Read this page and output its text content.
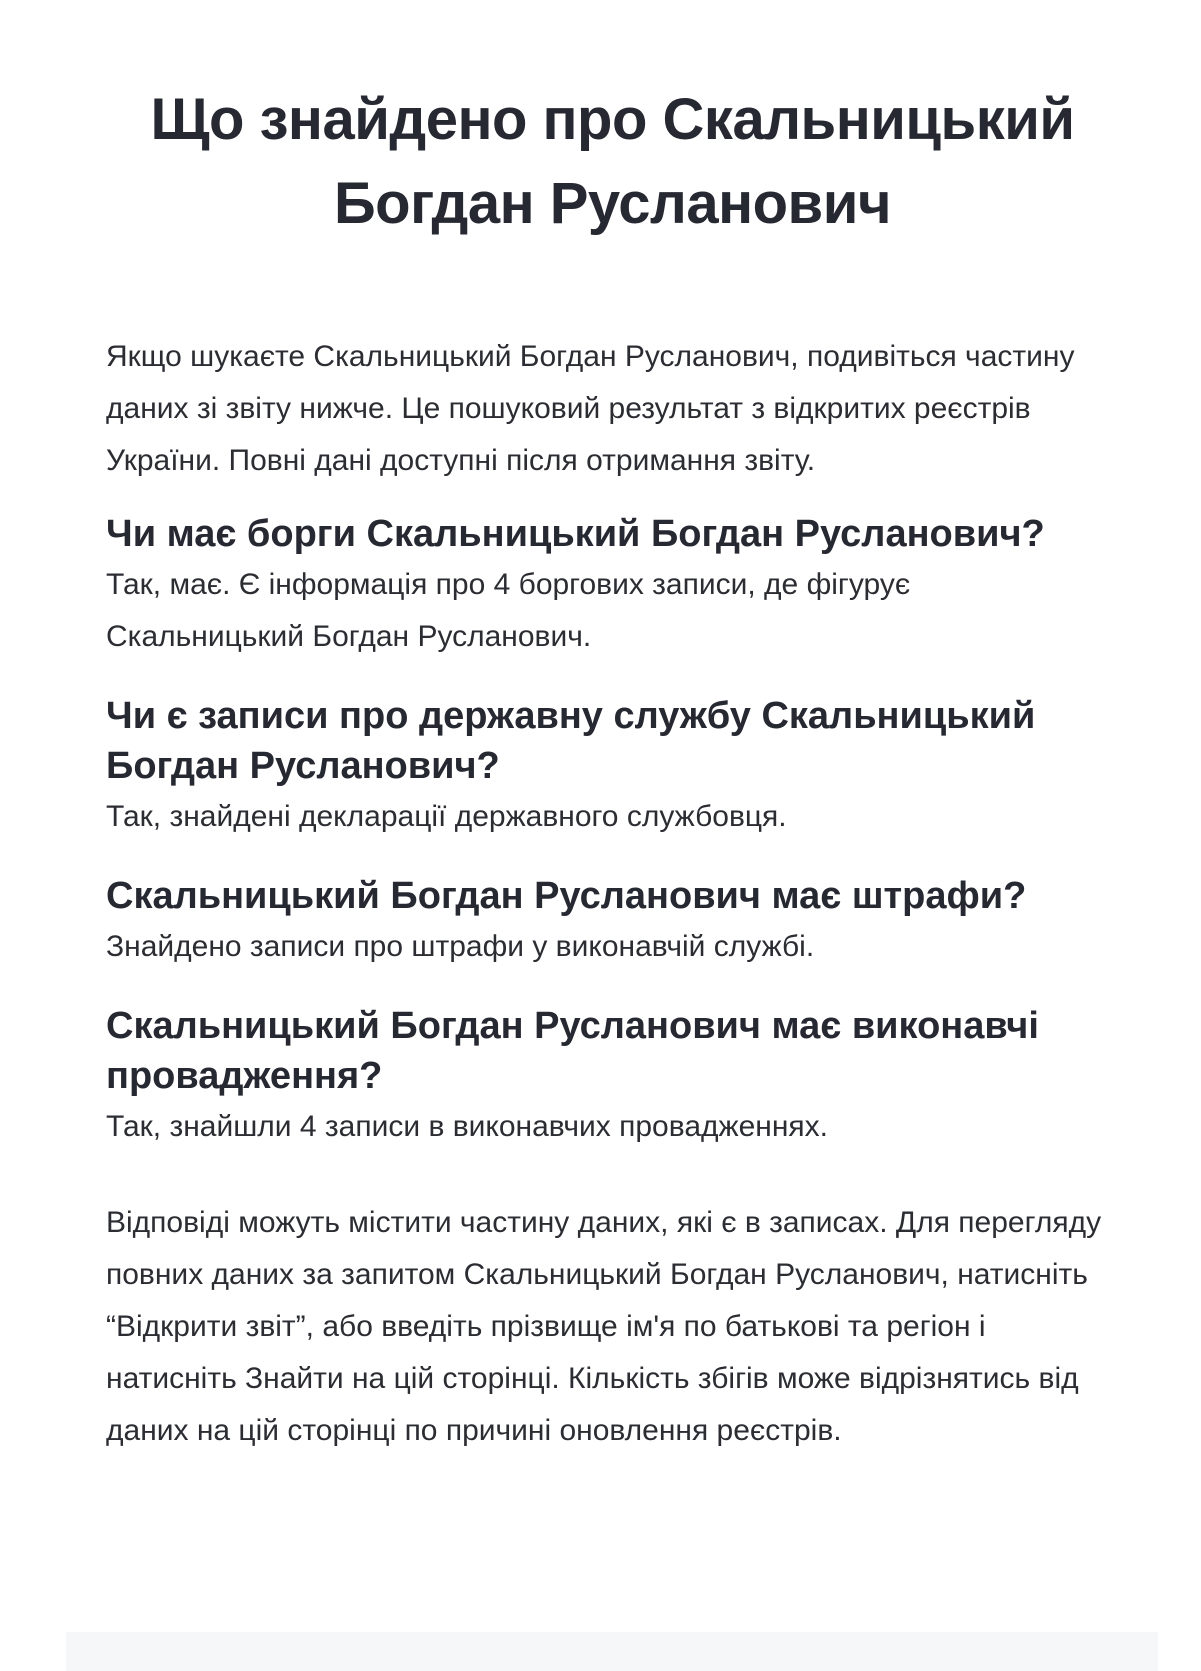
Що знайдено про Скальницький Богдан Русланович

Якщо шукаєте Скальницький Богдан Русланович, подивіться частину даних зі звіту нижче. Це пошуковий результат з відкритих реєстрів України. Повні дані доступні після отримання звіту.

Чи має борги Скальницький Богдан Русланович?

Так, має. Є інформація про 4 боргових записи, де фігурує Скальницький Богдан Русланович.

Чи є записи про державну службу Скальницький Богдан Русланович?

Так, знайдені декларації державного службовця.

Скальницький Богдан Русланович має штрафи?

Знайдено записи про штрафи у виконавчій службі.

Скальницький Богдан Русланович має виконавчі провадження?

Так, знайшли 4 записи в виконавчих провадженнях.

Відповіді можуть містити частину даних, які є в записах. Для перегляду повних даних за запитом Скальницький Богдан Русланович, натисніть “Відкрити звіт”, або введіть прізвище ім'я по батькові та регіон і натисніть Знайти на цій сторінці. Кількість збігів може відрізнятись від даних на цій сторінці по причині оновлення реєстрів.
